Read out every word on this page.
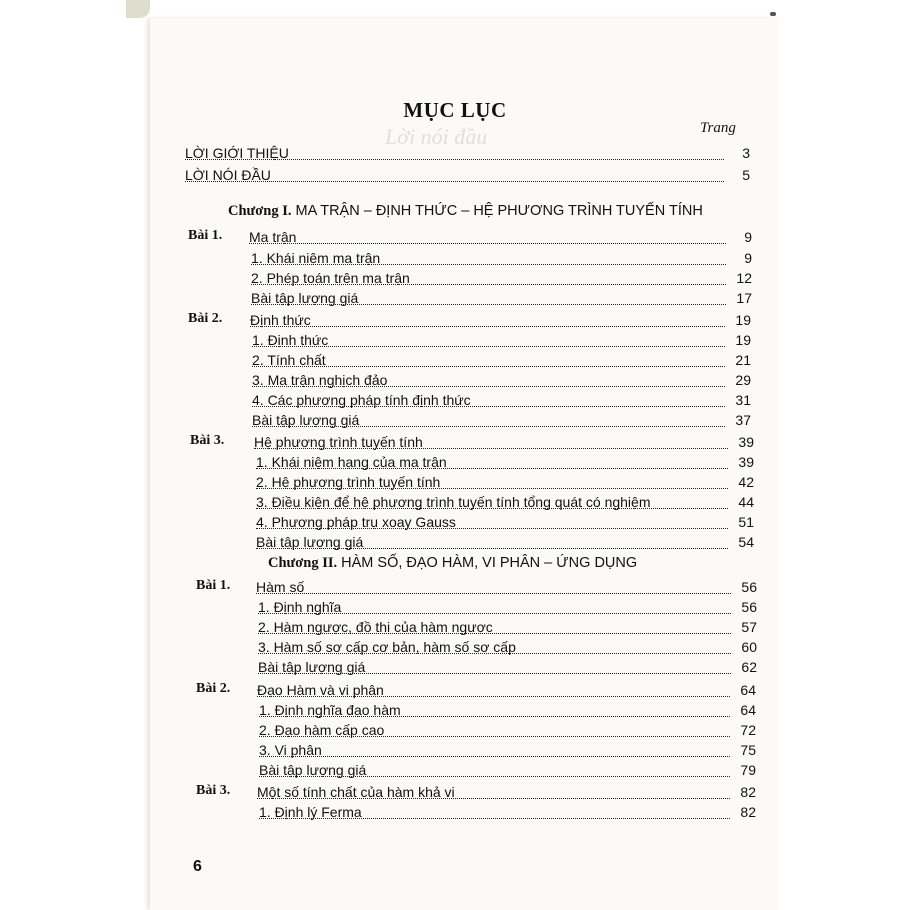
MỤC LỤC
Lời nói đầu	Trang
LỜI GIỚI THIỆU	3
LỜI NÓI ĐẦU	5
Chương I. MA TRẬN – ĐỊNH THỨC – HỆ PHƯƠNG TRÌNH TUYẾN TÍNH
Bài 1. Ma trận	9
1. Khái niệm ma trận	9
2. Phép toán trên ma trận	12
Bài tập lượng giá	17
Bài 2. Định thức	19
1. Định thức	19
2. Tính chất	21
3. Ma trận nghịch đảo	29
4. Các phương pháp tính định thức	31
Bài tập lượng giá	37
Bài 3. Hệ phương trình tuyến tính	39
1. Khái niệm hạng của ma trận	39
2. Hệ phương trình tuyến tính	42
3. Điều kiện để hệ phương trình tuyến tính tổng quát có nghiệm	44
4. Phương pháp trụ xoay Gauss	51
Bài tập lượng giá	54
Chương II. HÀM SỐ, ĐẠO HÀM, VI PHÂN – ỨNG DỤNG
Bài 1. Hàm số	56
1. Định nghĩa	56
2. Hàm ngược, đồ thị của hàm ngược	57
3. Hàm số sơ cấp cơ bản, hàm số sơ cấp	60
Bài tập lượng giá	62
Bài 2. Đạo Hàm và vi phân	64
1. Định nghĩa đạo hàm	64
2. Đạo hàm cấp cao	72
3. Vi phân	75
Bài tập lượng giá	79
Bài 3. Một số tính chất của hàm khả vi	82
1. Định lý Ferma	82
6
